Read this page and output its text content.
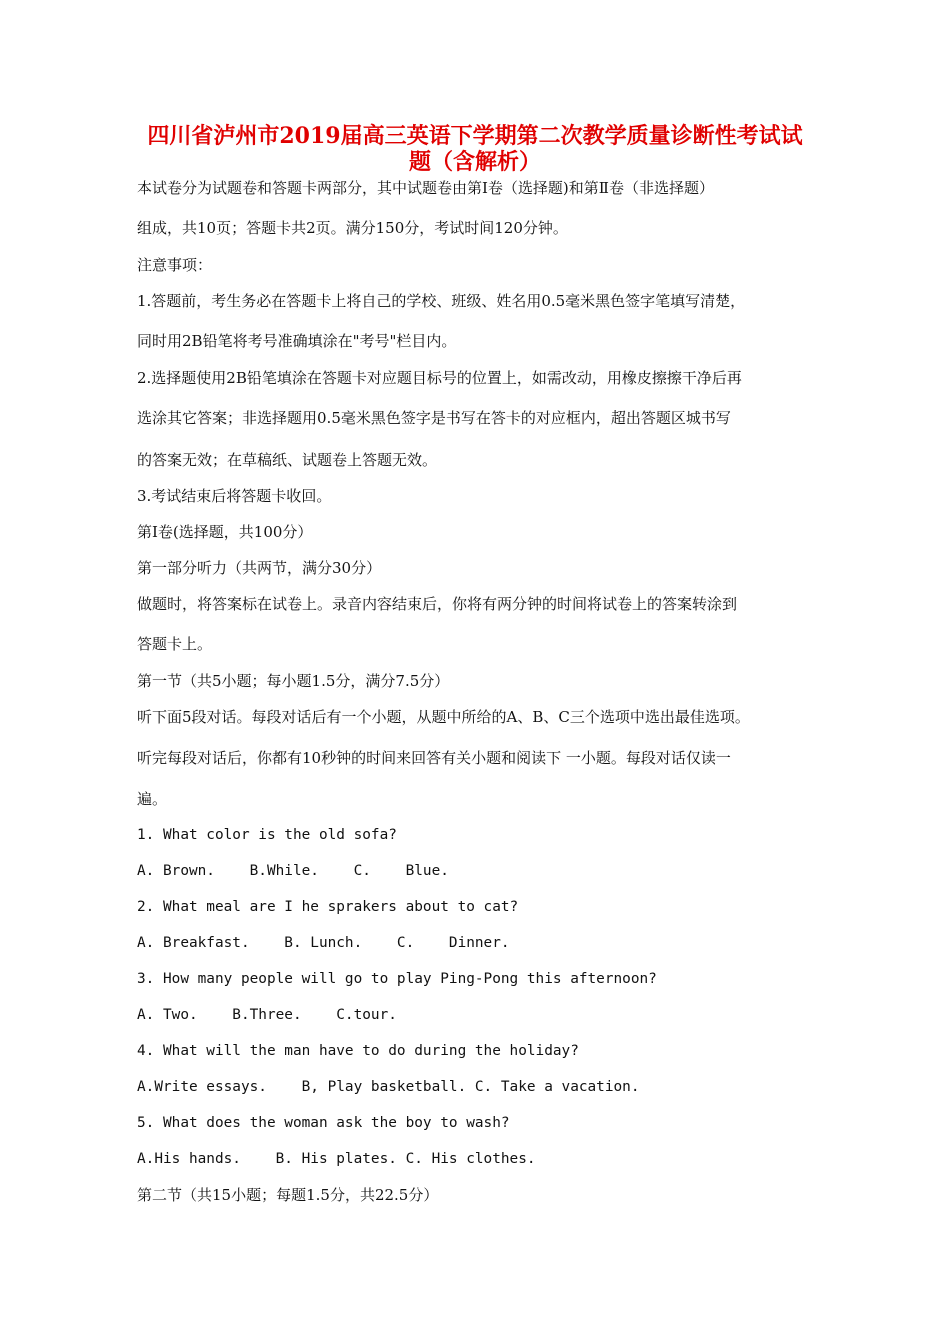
四川省泸州市2019届高三英语下学期第二次教学质量诊断性考试试
题（含解析）

本试卷分为试题卷和答题卡两部分，其中试题卷由第Ⅰ卷（选择题)和第Ⅱ卷（非选择题）

组成，共10页；答题卡共2页。满分150分，考试时间120分钟。

注意事项：

1.答题前，考生务必在答题卡上将自己的学校、班级、姓名用0.5毫米黑色签字笔填写清楚，

同时用2B铅笔将考号准确填涂在"考号"栏目内。

2.选择题使用2B铅笔填涂在答题卡对应题目标号的位置上，如需改动，用橡皮擦擦干净后再

选涂其它答案；非选择题用0.5毫米黑色签字是书写在答卡的对应框内，超出答题区城书写

的答案无效；在草稿纸、试题卷上答题无效。

3.考试结束后将答题卡收回。

第Ⅰ卷(选择题，共100分）

第一部分听力（共两节，满分30分）

做题时，将答案标在试卷上。录音内容结束后，你将有两分钟的时间将试卷上的答案转涂到

答题卡上。

第一节（共5小题；每小题1.5分，满分7.5分）

听下面5段对话。每段对话后有一个小题，从题中所给的A、B、C三个选项中选出最佳选项。

听完每段对话后，你都有10秒钟的时间来回答有关小题和阅读下 一小题。每段对话仅读一

遍。

1. What color is the old sofa?

A. Brown.    B.While.    C.    Blue.

2. What meal are I he sprakers about to cat?

A. Breakfast.    B. Lunch.    C.    Dinner.

3. How many people will go to play Ping-Pong this afternoon?

A. Two.    B.Three.    C.tour.

4. What will the man have to do during the holiday?

A.Write essays.    B, Play basketball. C. Take a vacation.

5. What does the woman ask the boy to wash?

A.His hands.    B. His plates. C. His clothes.

第二节（共15小题；每题1.5分，共22.5分）
